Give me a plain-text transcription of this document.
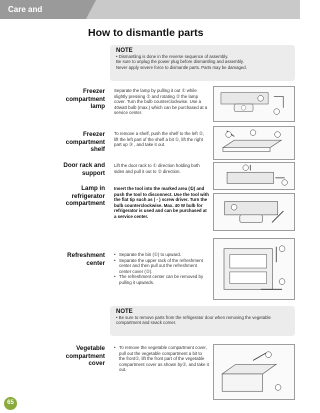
Care and maintenance	How to dismantle parts
NOTE
• Dismantling is done in the reverse sequence of assembly.
Be sure to unplug the power plug before dismantling and assembly.
Never apply severe force to dismantle parts. Parts may be damaged.
Freezer
compartment
lamp
Separate the lamp by pulling it out ① while slightly pressing ① and rotating ② the lamp cover. Turn the bulb counterclockwise. Use a 40watt bulb (max.) which can be purchased at a service center.
Freezer
compartment
shelf
To remove a shelf, push the shelf to the left ②, lift the left part of the shelf a bit ①, lift the right part up ③ , and take it out.
Door rack and
support
Lift the door rack to ① direction holding both sides and pull it out to ② direction.
Lamp in
refrigerator
compartment
Insert the tool into the marked area (①) and push the tool to disconnect. Use the tool with the flat tip such as ( - ) screw driver. Turn the bulb counterclockwise. Max. 40 W bulb for refrigerator is used and can be purchased at a service center.
Refreshment
center
• Separate the bin (①) to upward.
• Separate the upper rack of the refreshment center and then pull out the refreshment center cover (②).
• The refreshment center can be removed by pulling it upwards.
NOTE
• Be sure to remove parts from the refrigerator door when removing the vegetable
compartment and snack corner.
Vegetable
compartment
cover
• To remove the vegetable compartment cover, pull out the vegetable compartment a bit to the front①, lift the front part of the vegetable compartment cover as shown by②, and take it out.
65
